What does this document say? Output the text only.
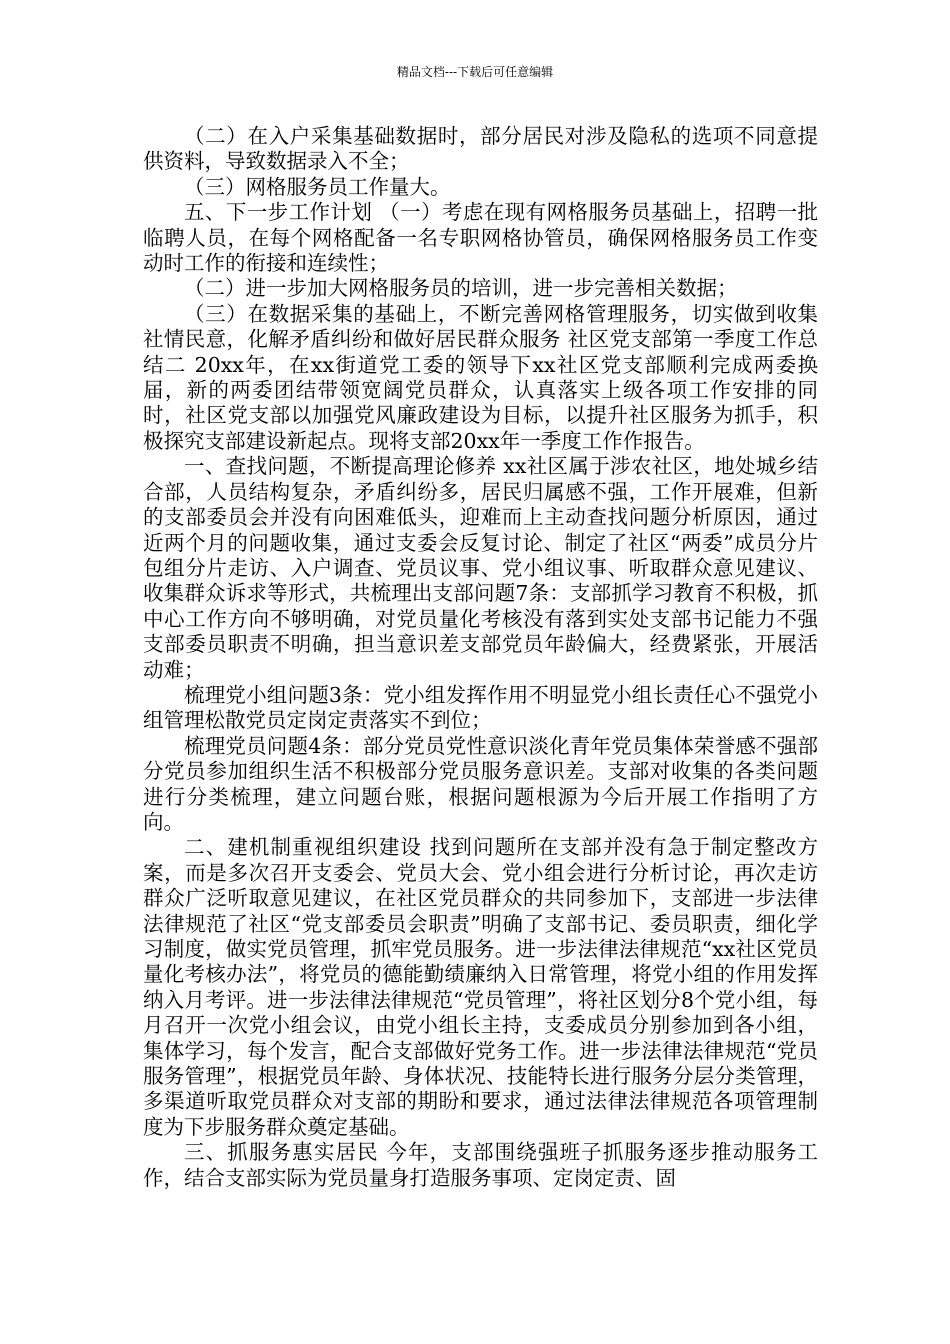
精品文档---下载后可任意编辑

（二）在入户采集基础数据时，部分居民对涉及隐私的选项不同意提供资料，导致数据录入不全；

（三）网格服务员工作量大。

五、下一步工作计划 （一）考虑在现有网格服务员基础上，招聘一批临聘人员，在每个网格配备一名专职网格协管员，确保网格服务员工作变动时工作的衔接和连续性；

（二）进一步加大网格服务员的培训，进一步完善相关数据；

（三）在数据采集的基础上，不断完善网格管理服务，切实做到收集社情民意，化解矛盾纠纷和做好居民群众服务 社区党支部第一季度工作总结二 20xx年，在xx街道党工委的领导下xx社区党支部顺利完成两委换届，新的两委团结带领宽阔党员群众，认真落实上级各项工作安排的同时，社区党支部以加强党风廉政建设为目标，以提升社区服务为抓手，积极探究支部建设新起点。现将支部20xx年一季度工作作报告。

一、查找问题，不断提高理论修养 xx社区属于涉农社区，地处城乡结合部，人员结构复杂，矛盾纠纷多，居民归属感不强，工作开展难，但新的支部委员会并没有向困难低头，迎难而上主动查找问题分析原因，通过近两个月的问题收集，通过支委会反复讨论、制定了社区“两委”成员分片包组分片走访、入户调查、党员议事、党小组议事、听取群众意见建议、收集群众诉求等形式，共梳理出支部问题7条：支部抓学习教育不积极，抓中心工作方向不够明确，对党员量化考核没有落到实处支部书记能力不强支部委员职责不明确，担当意识差支部党员年龄偏大，经费紧张，开展活动难；

梳理党小组问题3条：党小组发挥作用不明显党小组长责任心不强党小组管理松散党员定岗定责落实不到位；

梳理党员问题4条：部分党员党性意识淡化青年党员集体荣誉感不强部分党员参加组织生活不积极部分党员服务意识差。支部对收集的各类问题进行分类梳理，建立问题台账，根据问题根源为今后开展工作指明了方向。

二、建机制重视组织建设 找到问题所在支部并没有急于制定整改方案，而是多次召开支委会、党员大会、党小组会进行分析讨论，再次走访群众广泛听取意见建议，在社区党员群众的共同参加下，支部进一步法律法律规范了社区“党支部委员会职责”明确了支部书记、委员职责，细化学习制度，做实党员管理，抓牢党员服务。进一步法律法律规范“xx社区党员量化考核办法”，将党员的德能勤绩廉纳入日常管理，将党小组的作用发挥纳入月考评。进一步法律法律规范“党员管理”，将社区划分8个党小组，每月召开一次党小组会议，由党小组长主持，支委成员分别参加到各小组，集体学习，每个发言，配合支部做好党务工作。进一步法律法律规范“党员服务管理”，根据党员年龄、身体状况、技能特长进行服务分层分类管理，多渠道听取党员群众对支部的期盼和要求，通过法律法律规范各项管理制度为下步服务群众奠定基础。

三、抓服务惠实居民 今年，支部围绕强班子抓服务逐步推动服务工作，结合支部实际为党员量身打造服务事项、定岗定责、固
